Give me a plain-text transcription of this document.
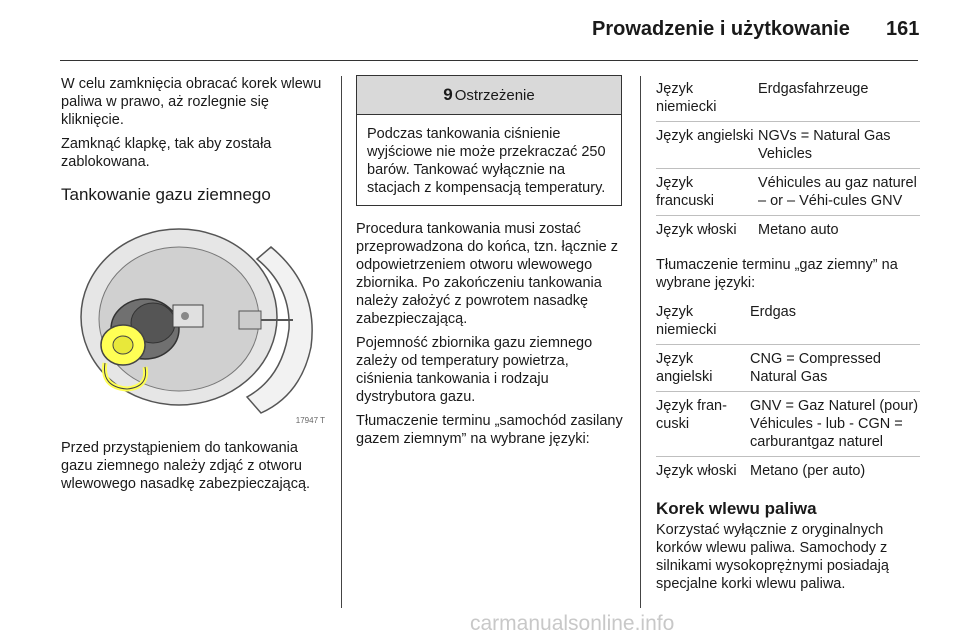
Prowadzenie i użytkowanie 161

W celu zamknięcia obracać korek wlewu paliwa w prawo, aż rozlegnie się kliknięcie.

Zamknąć klapkę, tak aby została zablokowana.

Tankowanie gazu ziemnego
17947 T

Przed przystąpieniem do tankowania gazu ziemnego należy zdjąć z otworu wlewowego nasadkę zabezpieczającą.

9 Ostrzeżenie
Podczas tankowania ciśnienie wyjściowe nie może przekraczać 250 barów. Tankować wyłącznie na stacjach z kompensacją temperatury.

Procedura tankowania musi zostać przeprowadzona do końca, tzn. łącznie z odpowietrzeniem otworu wlewowego zbiornika. Po zakończeniu tankowania należy założyć z powrotem nasadkę zabezpieczającą.

Pojemność zbiornika gazu ziemnego zależy od temperatury powietrza, ciśnienia tankowania i rodzaju dystrybutora gazu.

Tłumaczenie terminu „samochód zasilany gazem ziemnym” na wybrane języki:

Język niemiecki	Erdgasfahrzeuge
Język angielski	NGVs = Natural Gas Vehicles
Język francuski	Véhicules au gaz naturel – or – Véhi-cules GNV
Język włoski	Metano auto

Tłumaczenie terminu „gaz ziemny” na wybrane języki:

Język niemiecki	Erdgas
Język angielski	CNG = Compressed Natural Gas
Język fran-cuski	GNV = Gaz Naturel (pour) Véhicules - lub - CGN = carburantgaz naturel
Język włoski	Metano (per auto)
Korek wlewu paliwa

Korzystać wyłącznie z oryginalnych korków wlewu paliwa. Samochody z silnikami wysokoprężnymi posiadają specjalne korki wlewu paliwa.

carmanualsonline.info
